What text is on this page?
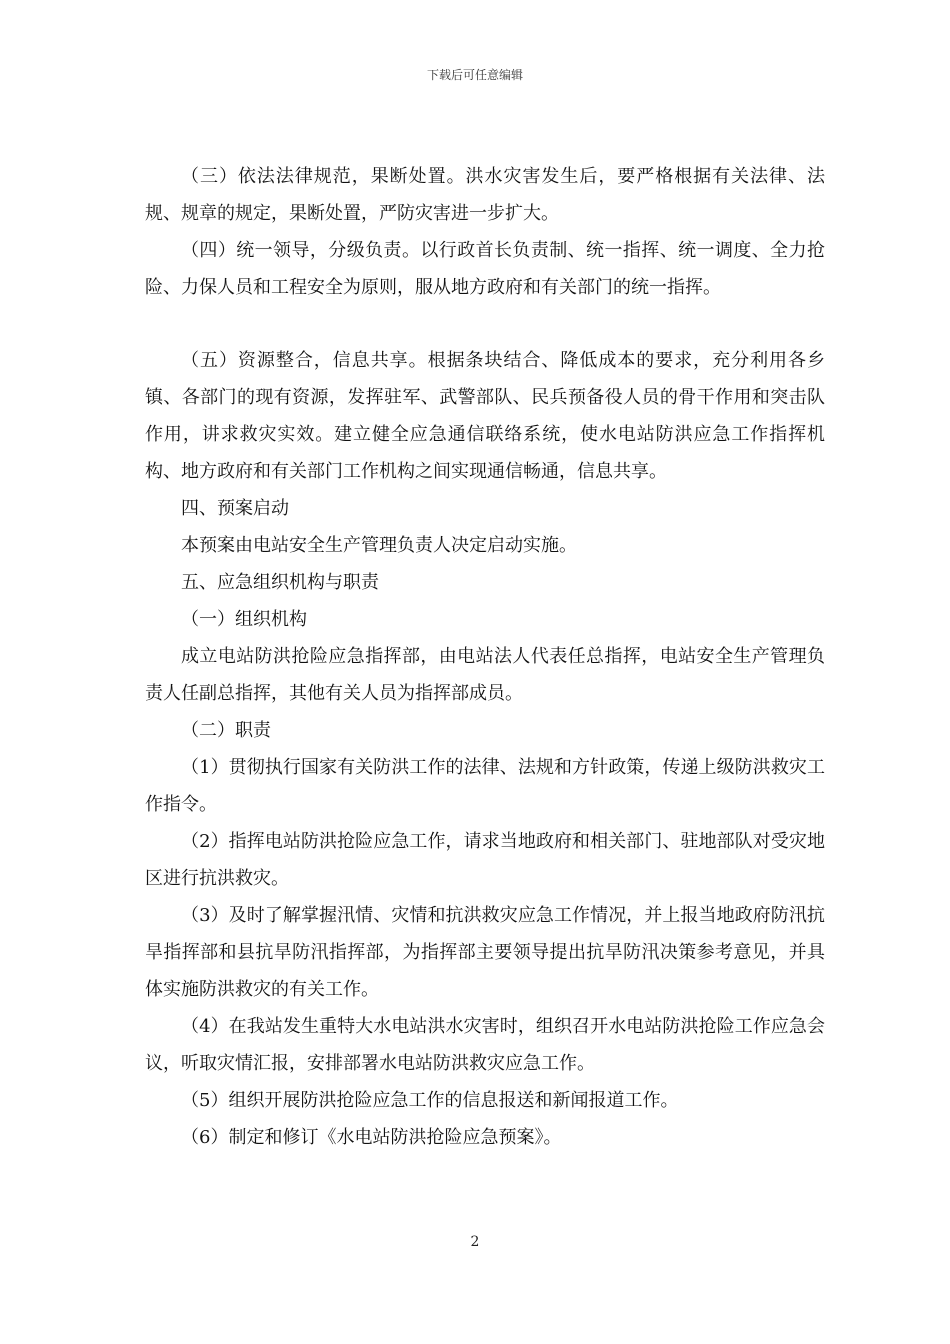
下载后可任意编辑

（三）依法法律规范，果断处置。洪水灾害发生后，要严格根据有关法律、法规、规章的规定，果断处置，严防灾害进一步扩大。

（四）统一领导，分级负责。以行政首长负责制、统一指挥、统一调度、全力抢险、力保人员和工程安全为原则，服从地方政府和有关部门的统一指挥。

（五）资源整合，信息共享。根据条块结合、降低成本的要求，充分利用各乡镇、各部门的现有资源，发挥驻军、武警部队、民兵预备役人员的骨干作用和突击队作用，讲求救灾实效。建立健全应急通信联络系统，使水电站防洪应急工作指挥机构、地方政府和有关部门工作机构之间实现通信畅通，信息共享。

四、预案启动

本预案由电站安全生产管理负责人决定启动实施。

五、应急组织机构与职责

（一）组织机构

成立电站防洪抢险应急指挥部，由电站法人代表任总指挥，电站安全生产管理负责人任副总指挥，其他有关人员为指挥部成员。

（二）职责

（1）贯彻执行国家有关防洪工作的法律、法规和方针政策，传递上级防洪救灾工作指令。

（2）指挥电站防洪抢险应急工作，请求当地政府和相关部门、驻地部队对受灾地区进行抗洪救灾。

（3）及时了解掌握汛情、灾情和抗洪救灾应急工作情况，并上报当地政府防汛抗旱指挥部和县抗旱防汛指挥部，为指挥部主要领导提出抗旱防汛决策参考意见，并具体实施防洪救灾的有关工作。

（4）在我站发生重特大水电站洪水灾害时，组织召开水电站防洪抢险工作应急会议，听取灾情汇报，安排部署水电站防洪救灾应急工作。

（5）组织开展防洪抢险应急工作的信息报送和新闻报道工作。

（6）制定和修订《水电站防洪抢险应急预案》。

2
